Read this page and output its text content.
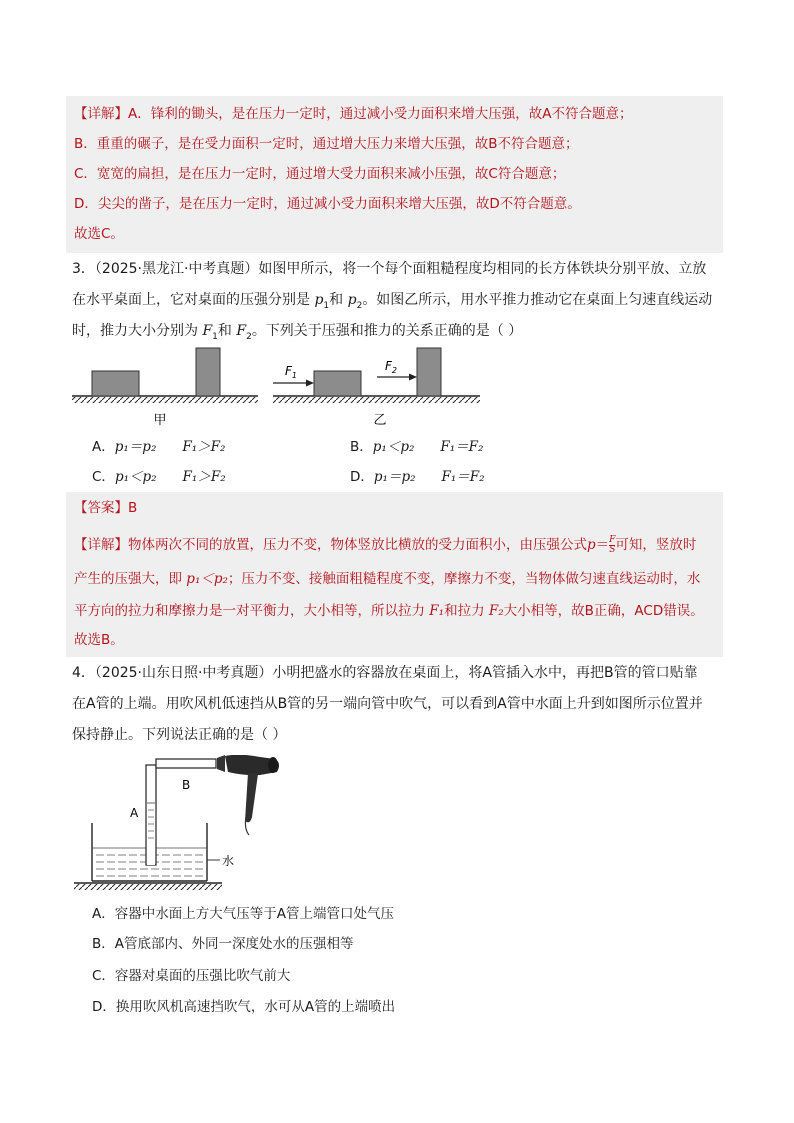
【详解】A．锋利的锄头，是在压力一定时，通过减小受力面积来增大压强，故A不符合题意；
B．重重的碾子，是在受力面积一定时，通过增大压力来增大压强，故B不符合题意；
C．宽宽的扁担，是在压力一定时，通过增大受力面积来减小压强，故C符合题意；
D．尖尖的凿子，是在压力一定时，通过减小受力面积来增大压强，故D不符合题意。
故选C。
3．（2025·黑龙江·中考真题）如图甲所示，将一个每个面粗糙程度均相同的长方体铁块分别平放、立放
在水平桌面上，它对桌面的压强分别是 $p_1$和 $p_2$。如图乙所示，用水平推力推动它在桌面上匀速直线运动
时，推力大小分别为 $F_1$和 $F_2$。下列关于压强和推力的关系正确的是（ ）
甲
$F_1$
$F_2$
乙
A．p₁＝p₂ F₁＞F₂	B．p₁＜p₂ F₁＝F₂
C．p₁＜p₂ F₁＞F₂	D．p₁＝p₂ F₁＝F₂
【答案】B
【详解】物体两次不同的放置，压力不变，物体竖放比横放的受力面积小，由压强公式$p= \frac{F}{S}$ 可知，竖放时
产生的压强大，即 p₁＜p₂；压力不变、接触面粗糙程度不变，摩擦力不变，当物体做匀速直线运动时，水
平方向的拉力和摩擦力是一对平衡力，大小相等，所以拉力 F₁和拉力 F₂大小相等，故B正确，ACD错误。
故选B。
4．（2025·山东日照·中考真题）小明把盛水的容器放在桌面上，将A管插入水中，再把B管的管口贴靠
在A管的上端。用吹风机低速挡从B管的另一端向管中吹气，可以看到A管中水面上升到如图所示位置并
保持静止。下列说法正确的是（ ）
A
B
水
A．容器中水面上方大气压等于A管上端管口处气压
B．A管底部内、外同一深度处水的压强相等
C．容器对桌面的压强比吹气前大
D．换用吹风机高速挡吹气，水可从A管的上端喷出
